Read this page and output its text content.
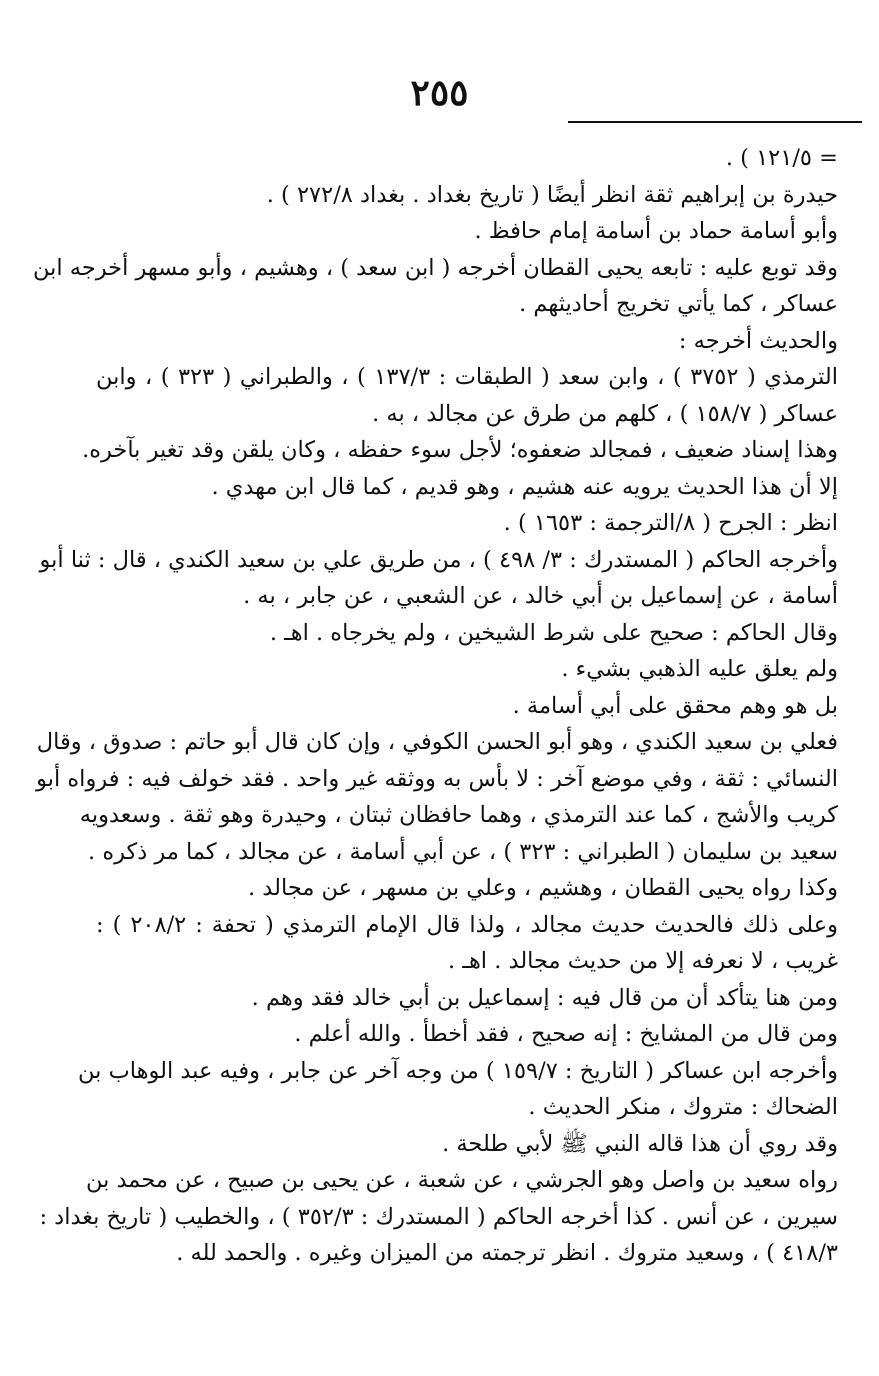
٢٥٥
= ١٢١/٥ ) .
حيدرة بن إبراهيم ثقة انظر أيضًا ( تاريخ بغداد . بغداد ٢٧٢/٨ ) .
وأبو أسامة حماد بن أسامة إمام حافظ .
وقد توبع عليه : تابعه يحيى القطان أخرجه ( ابن سعد ) ، وهشيم ، وأبو مسهر أخرجه ابن
عساكر ، كما يأتي تخريج أحاديثهم .
والحديث أخرجه :
الترمذي ( ٣٧٥٢ ) ، وابن سعد ( الطبقات : ١٣٧/٣ ) ، والطبراني ( ٣٢٣ ) ، وابن
عساكر ( ١٥٨/٧ ) ، كلهم من طرق عن مجالد ، به .
وهذا إسناد ضعيف ، فمجالد ضعفوه؛ لأجل سوء حفظه ، وكان يلقن وقد تغير بآخره.
إلا أن هذا الحديث يرويه عنه هشيم ، وهو قديم ، كما قال ابن مهدي .
انظر : الجرح ( ٨/الترجمة : ١٦٥٣ ) .
وأخرجه الحاكم ( المستدرك : ٣/ ٤٩٨ ) ، من طريق علي بن سعيد الكندي ، قال : ثنا أبو
أسامة ، عن إسماعيل بن أبي خالد ، عن الشعبي ، عن جابر ، به .
وقال الحاكم : صحيح على شرط الشيخين ، ولم يخرجاه . اهـ .
ولم يعلق عليه الذهبي بشيء .
بل هو وهم محقق على أبي أسامة .
فعلي بن سعيد الكندي ، وهو أبو الحسن الكوفي ، وإن كان قال أبو حاتم : صدوق ، وقال
النسائي : ثقة ، وفي موضع آخر : لا بأس به ووثقه غير واحد . فقد خولف فيه : فرواه أبو
كريب والأشج ، كما عند الترمذي ، وهما حافظان ثبتان ، وحيدرة وهو ثقة . وسعدويه
سعيد بن سليمان ( الطبراني : ٣٢٣ ) ، عن أبي أسامة ، عن مجالد ، كما مر ذكره .
وكذا رواه يحيى القطان ، وهشيم ، وعلي بن مسهر ، عن مجالد .
وعلى ذلك فالحديث حديث مجالد ، ولذا قال الإمام الترمذي ( تحفة : ٢٠٨/٢ ) :
غريب ، لا نعرفه إلا من حديث مجالد . اهـ .
ومن هنا يتأكد أن من قال فيه : إسماعيل بن أبي خالد فقد وهم .
ومن قال من المشايخ : إنه صحيح ، فقد أخطأ . والله أعلم .
وأخرجه ابن عساكر ( التاريخ : ١٥٩/٧ ) من وجه آخر عن جابر ، وفيه عبد الوهاب بن
الضحاك : متروك ، منكر الحديث .
وقد روي أن هذا قاله النبي ﷺ لأبي طلحة .
رواه سعيد بن واصل وهو الجرشي ، عن شعبة ، عن يحيى بن صبيح ، عن محمد بن
سيرين ، عن أنس . كذا أخرجه الحاكم ( المستدرك : ٣٥٢/٣ ) ، والخطيب ( تاريخ بغداد :
٤١٨/٣ ) ، وسعيد متروك . انظر ترجمته من الميزان وغيره . والحمد لله .
